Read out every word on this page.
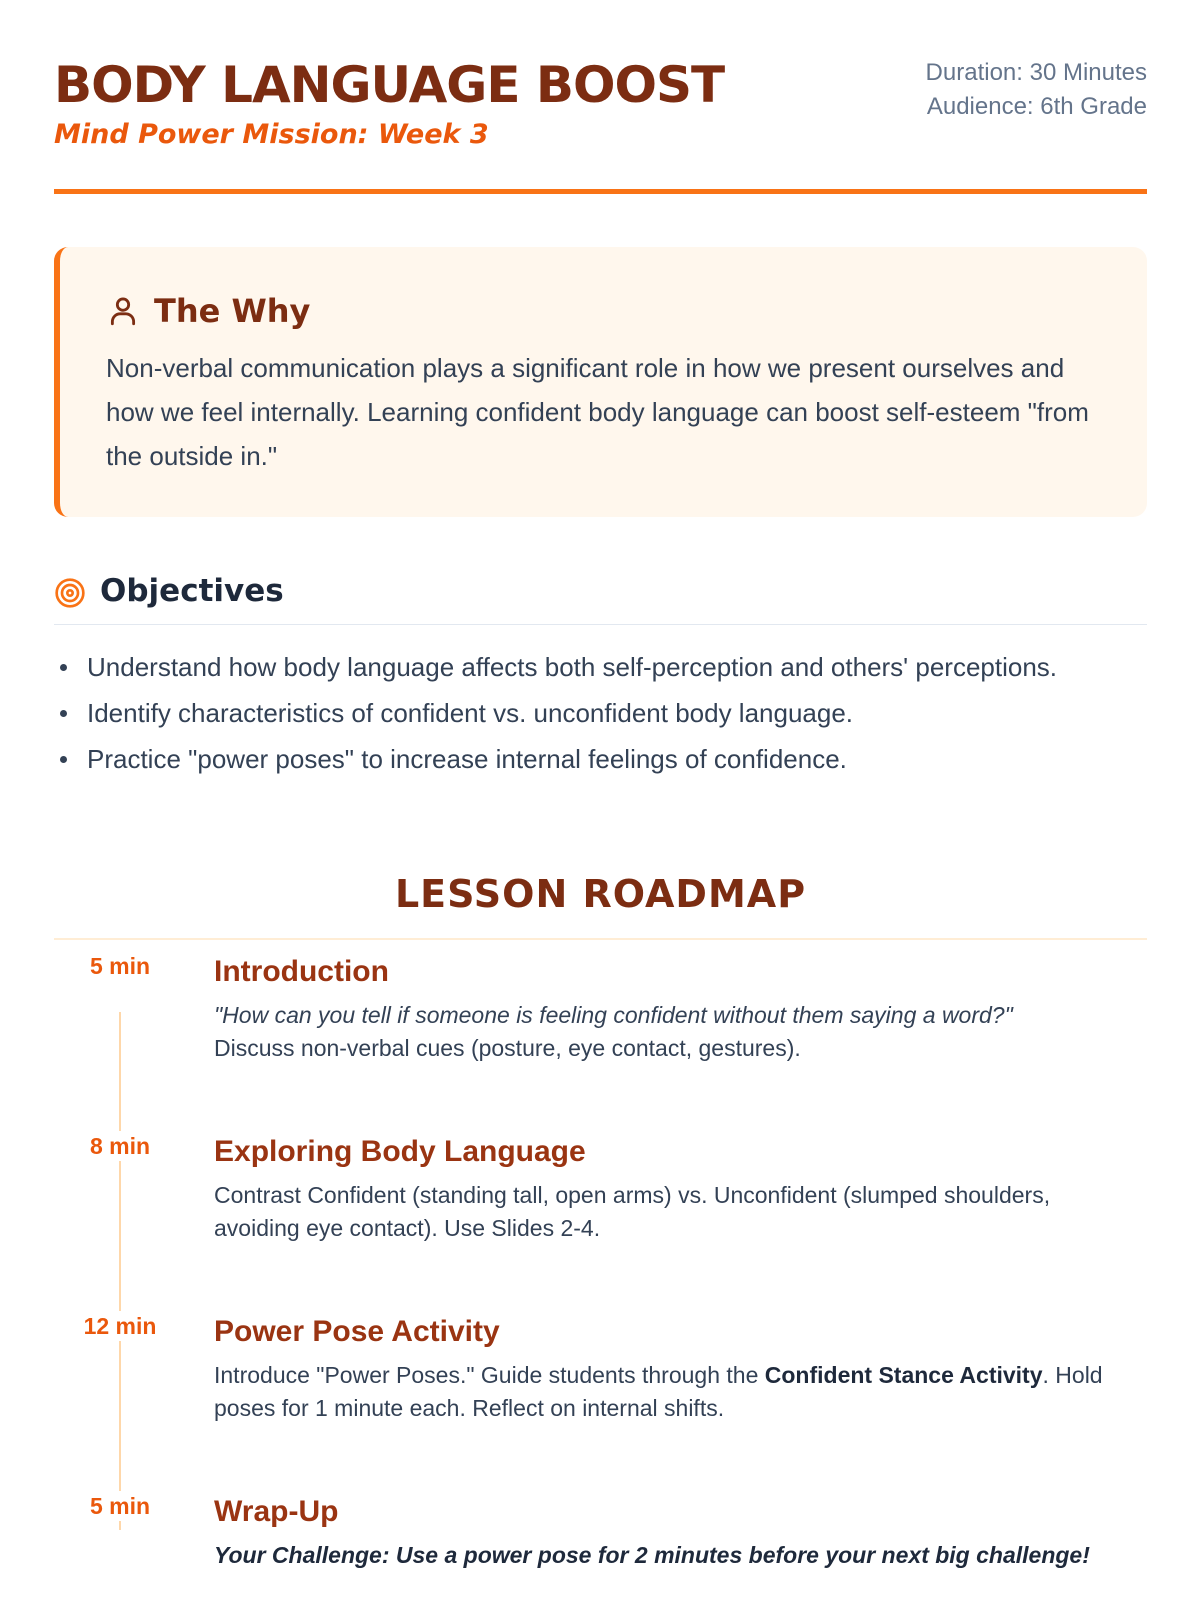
BODY LANGUAGE BOOST
Mind Power Mission: Week 3
Duration: 30 Minutes
Audience: 6th Grade
The Why

Non-verbal communication plays a significant role in how we present ourselves and how we feel internally. Learning confident body language can boost self-esteem "from the outside in."

Objectives
Understand how body language affects both self-perception and others' perceptions.
Identify characteristics of confident vs. unconfident body language.
Practice "power poses" to increase internal feelings of confidence.
LESSON ROADMAP
5 min	Introduction
"How can you tell if someone is feeling confident without them saying a word?"
Discuss non-verbal cues (posture, eye contact, gestures).
8 min	Exploring Body Language
Contrast Confident (standing tall, open arms) vs. Unconfident (slumped shoulders, avoiding eye contact). Use Slides 2-4.
12 min	Power Pose Activity
Introduce "Power Poses." Guide students through the Confident Stance Activity. Hold poses for 1 minute each. Reflect on internal shifts.
5 min	Wrap-Up
Your Challenge: Use a power pose for 2 minutes before your next big challenge!
